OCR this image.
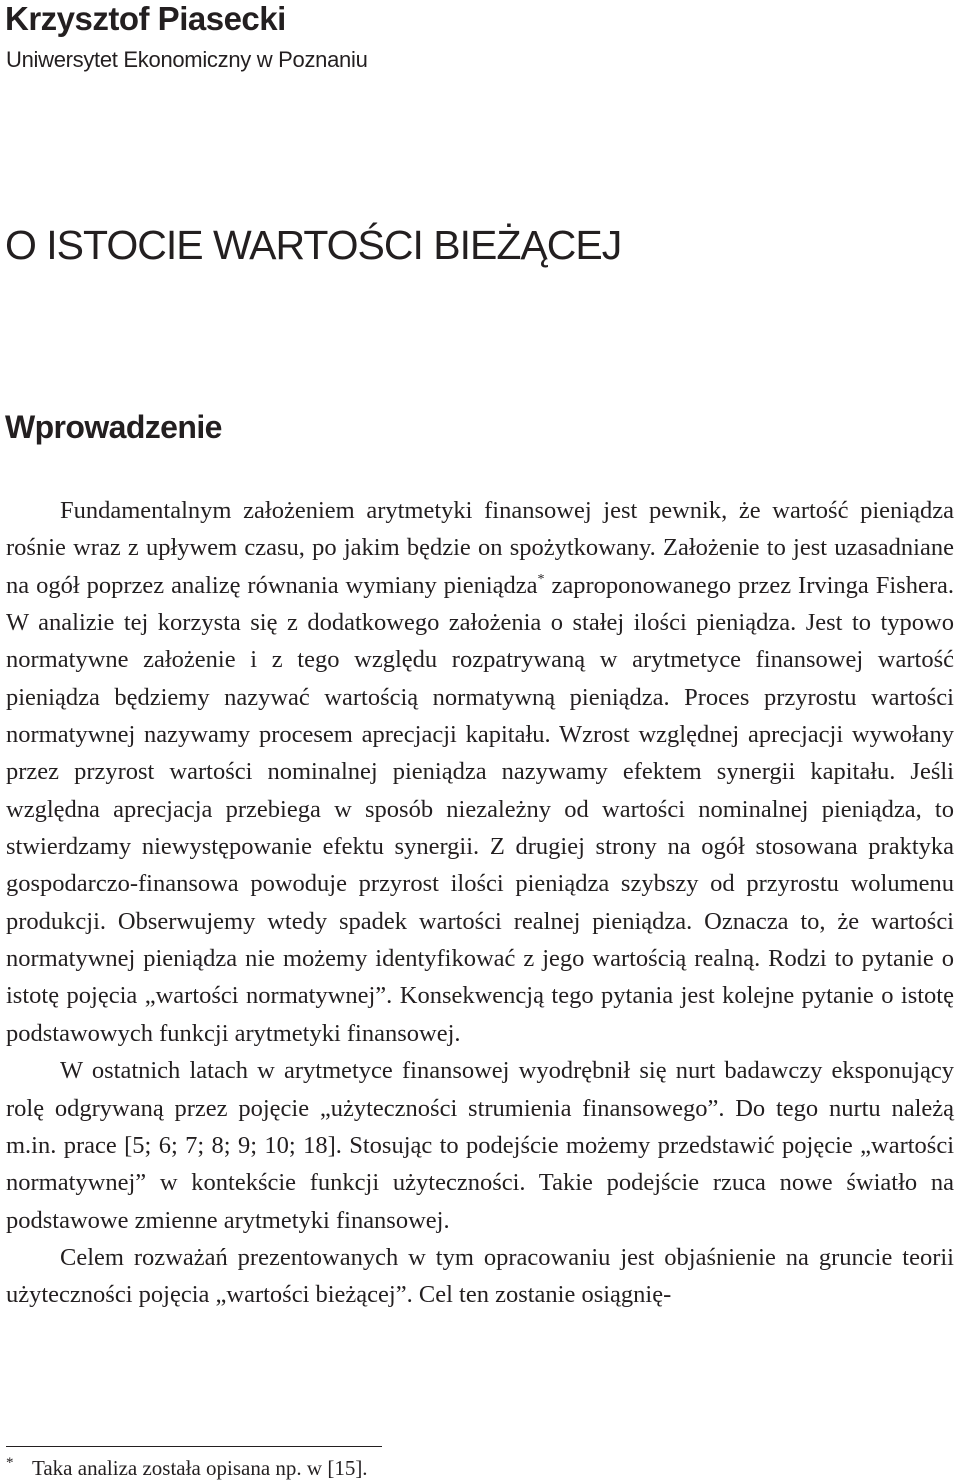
Krzysztof Piasecki
Uniwersytet Ekonomiczny w Poznaniu
O ISTOCIE WARTOŚCI BIEŻĄCEJ
Wprowadzenie

Fundamentalnym założeniem arytmetyki finansowej jest pewnik, że wartość pieniądza rośnie wraz z upływem czasu, po jakim będzie on spożytkowany. Założenie to jest uzasadniane na ogół poprzez analizę równania wymiany pieniądza* zaproponowanego przez Irvinga Fishera. W analizie tej korzysta się z dodatkowego założenia o stałej ilości pieniądza. Jest to typowo normatywne założenie i z tego względu rozpatrywaną w arytmetyce finansowej wartość pieniądza będziemy nazywać wartością normatywną pieniądza. Proces przyrostu wartości normatywnej nazywamy procesem aprecjacji kapitału. Wzrost względnej aprecjacji wywołany przez przyrost wartości nominalnej pieniądza nazywamy efektem synergii kapitału. Jeśli względna aprecjacja przebiega w sposób niezależny od wartości nominalnej pieniądza, to stwierdzamy niewystępowanie efektu synergii. Z drugiej strony na ogół stosowana praktyka gospodarczo-finansowa powoduje przyrost ilości pieniądza szybszy od przyrostu wolumenu produkcji. Obserwujemy wtedy spadek wartości realnej pieniądza. Oznacza to, że wartości normatywnej pieniądza nie możemy identyfikować z jego wartością realną. Rodzi to pytanie o istotę pojęcia „wartości normatywnej”. Konsekwencją tego pytania jest kolejne pytanie o istotę podstawowych funkcji arytmetyki finansowej.

W ostatnich latach w arytmetyce finansowej wyodrębnił się nurt badawczy eksponujący rolę odgrywaną przez pojęcie „użyteczności strumienia finansowego”. Do tego nurtu należą m.in. prace [5; 6; 7; 8; 9; 10; 18]. Stosując to podejście możemy przedstawić pojęcie „wartości normatywnej” w kontekście funkcji użyteczności. Takie podejście rzuca nowe światło na podstawowe zmienne arytmetyki finansowej.

Celem rozważań prezentowanych w tym opracowaniu jest objaśnienie na gruncie teorii użyteczności pojęcia „wartości bieżącej”. Cel ten zostanie osiągnię-

* Taka analiza została opisana np. w [15].
